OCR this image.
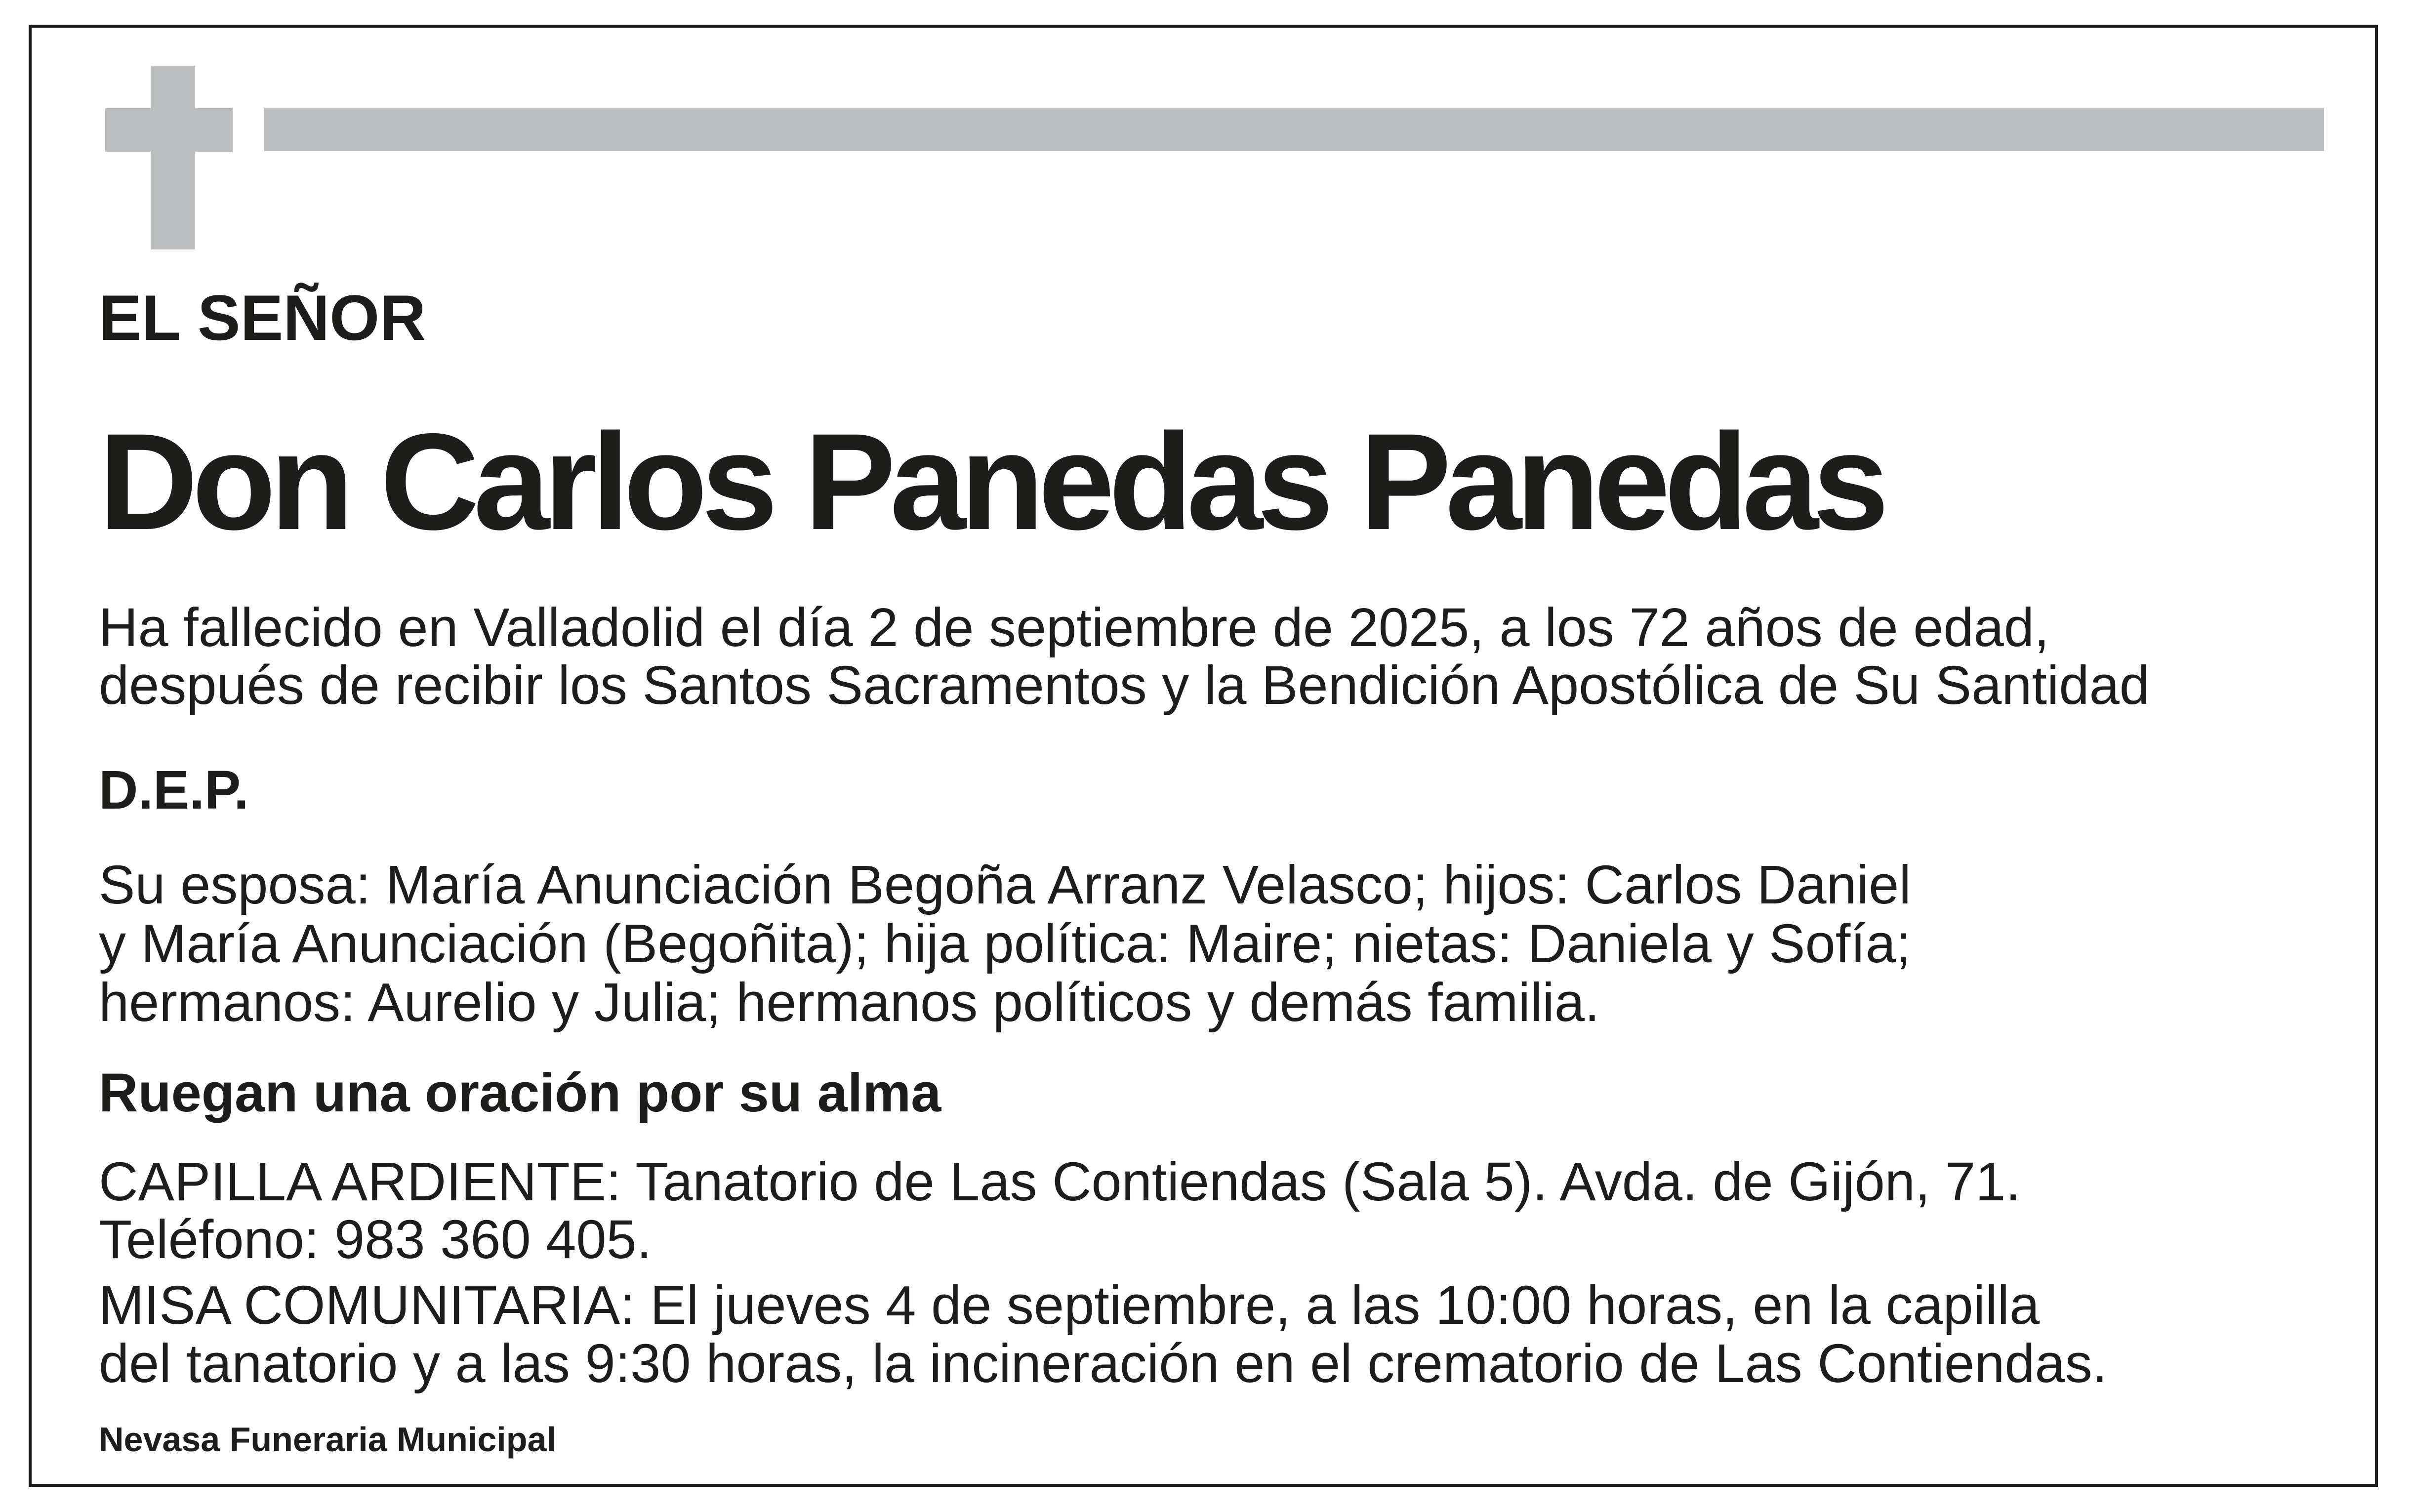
EL SEÑOR

Don Carlos Panedas Panedas

Ha fallecido en Valladolid el día 2 de septiembre de 2025, a los 72 años de edad,

después de recibir los Santos Sacramentos y la Bendición Apostólica de Su Santidad

D.E.P.

Su esposa: María Anunciación Begoña Arranz Velasco; hijos: Carlos Daniel

y María Anunciación (Begoñita); hija política: Maire; nietas: Daniela y Sofía;

hermanos: Aurelio y Julia; hermanos políticos y demás familia.

Ruegan una oración por su alma

CAPILLA ARDIENTE: Tanatorio de Las Contiendas (Sala 5). Avda. de Gijón, 71.

Teléfono: 983 360 405.

MISA COMUNITARIA: El jueves 4 de septiembre, a las 10:00 horas, en la capilla

del tanatorio y a las 9:30 horas, la incineración en el crematorio de Las Contiendas.

Nevasa Funeraria Municipal
